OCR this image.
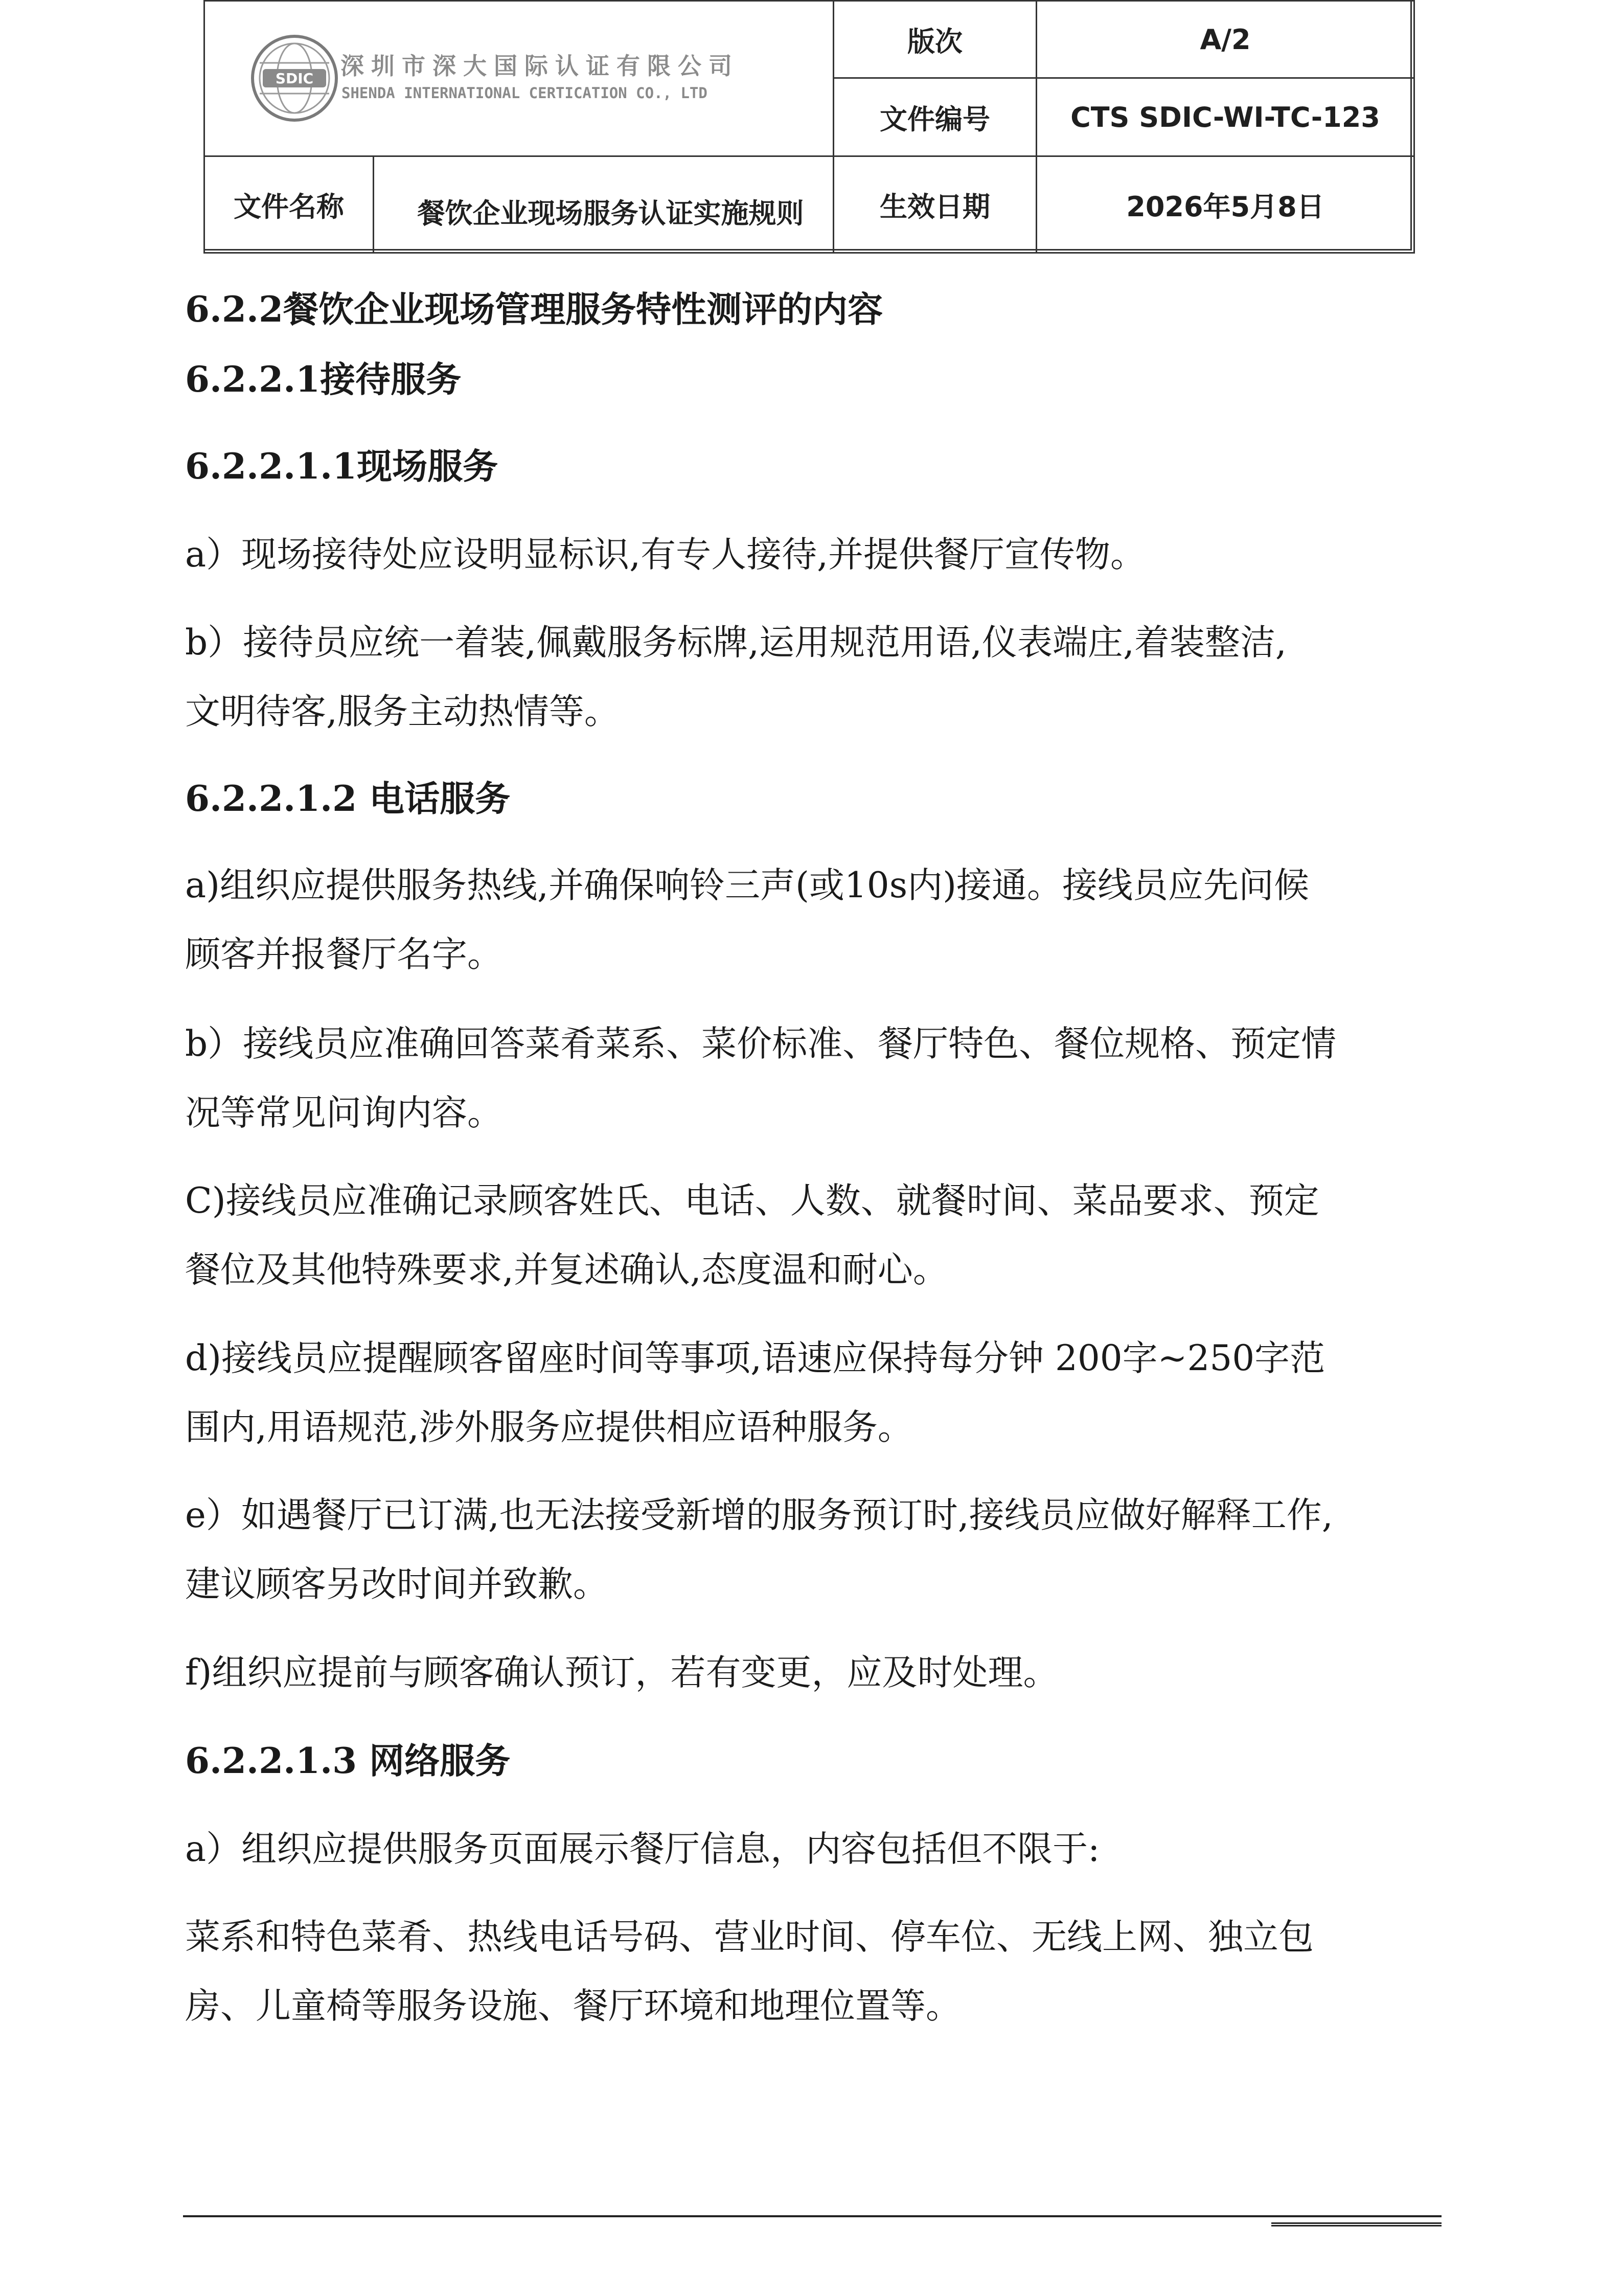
SDIC 深圳市深大国际认证有限公司
SHENDA INTERNATIONAL CERTICATION CO., LTD
版次	A/2
文件编号	CTS SDIC-WI-TC-123
文件名称	餐饮企业现场服务认证实施规则	生效日期	2026年5月8日
6.2.2餐饮企业现场管理服务特性测评的内容
6.2.2.1接待服务
6.2.2.1.1现场服务
a）现场接待处应设明显标识,有专人接待,并提供餐厅宣传物。
b）接待员应统一着装,佩戴服务标牌,运用规范用语,仪表端庄,着装整洁,
文明待客,服务主动热情等。
6.2.2.1.2 电话服务
a)组织应提供服务热线,并确保响铃三声(或10s内)接通。接线员应先问候
顾客并报餐厅名字。
b）接线员应准确回答菜肴菜系、菜价标准、餐厅特色、餐位规格、预定情
况等常见问询内容。
C)接线员应准确记录顾客姓氏、电话、人数、就餐时间、菜品要求、预定
餐位及其他特殊要求,并复述确认,态度温和耐心。
d)接线员应提醒顾客留座时间等事项,语速应保持每分钟 200字~250字范
围内,用语规范,涉外服务应提供相应语种服务。
e）如遇餐厅已订满,也无法接受新增的服务预订时,接线员应做好解释工作,
建议顾客另改时间并致歉。
f)组织应提前与顾客确认预订，若有变更，应及时处理。
6.2.2.1.3 网络服务
a）组织应提供服务页面展示餐厅信息，内容包括但不限于:
菜系和特色菜肴、热线电话号码、营业时间、停车位、无线上网、独立包
房、儿童椅等服务设施、餐厅环境和地理位置等。
